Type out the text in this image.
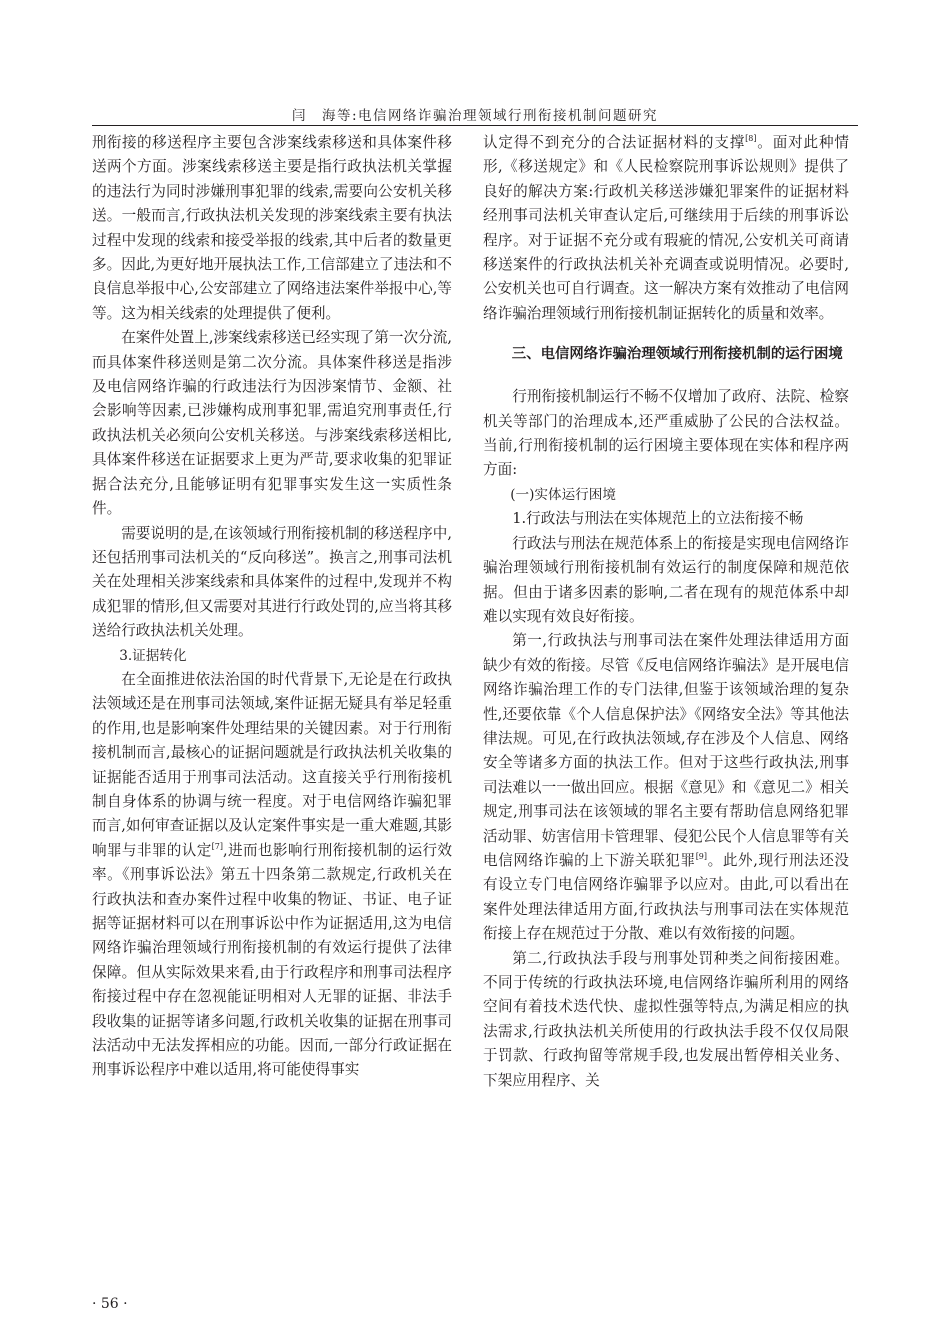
闫　海等:电信网络诈骗治理领域行刑衔接机制问题研究

刑衔接的移送程序主要包含涉案线索移送和具体案件移送两个方面。涉案线索移送主要是指行政执法机关掌握的违法行为同时涉嫌刑事犯罪的线索,需要向公安机关移送。一般而言,行政执法机关发现的涉案线索主要有执法过程中发现的线索和接受举报的线索,其中后者的数量更多。因此,为更好地开展执法工作,工信部建立了违法和不良信息举报中心,公安部建立了网络违法案件举报中心,等等。这为相关线索的处理提供了便利。

在案件处置上,涉案线索移送已经实现了第一次分流,而具体案件移送则是第二次分流。具体案件移送是指涉及电信网络诈骗的行政违法行为因涉案情节、金额、社会影响等因素,已涉嫌构成刑事犯罪,需追究刑事责任,行政执法机关必须向公安机关移送。与涉案线索移送相比,具体案件移送在证据要求上更为严苛,要求收集的犯罪证据合法充分,且能够证明有犯罪事实发生这一实质性条件。

需要说明的是,在该领域行刑衔接机制的移送程序中,还包括刑事司法机关的“反向移送”。换言之,刑事司法机关在处理相关涉案线索和具体案件的过程中,发现并不构成犯罪的情形,但又需要对其进行行政处罚的,应当将其移送给行政执法机关处理。

3.证据转化

在全面推进依法治国的时代背景下,无论是在行政执法领域还是在刑事司法领域,案件证据无疑具有举足轻重的作用,也是影响案件处理结果的关键因素。对于行刑衔接机制而言,最核心的证据问题就是行政执法机关收集的证据能否适用于刑事司法活动。这直接关乎行刑衔接机制自身体系的协调与统一程度。对于电信网络诈骗犯罪而言,如何审查证据以及认定案件事实是一重大难题,其影响罪与非罪的认定[7],进而也影响行刑衔接机制的运行效率。《刑事诉讼法》第五十四条第二款规定,行政机关在行政执法和查办案件过程中收集的物证、书证、电子证据等证据材料可以在刑事诉讼中作为证据适用,这为电信网络诈骗治理领域行刑衔接机制的有效运行提供了法律保障。但从实际效果来看,由于行政程序和刑事司法程序衔接过程中存在忽视能证明相对人无罪的证据、非法手段收集的证据等诸多问题,行政机关收集的证据在刑事司法活动中无法发挥相应的功能。因而,一部分行政证据在刑事诉讼程序中难以适用,将可能使得事实

认定得不到充分的合法证据材料的支撑[8]。面对此种情形,《移送规定》和《人民检察院刑事诉讼规则》提供了良好的解决方案:行政机关移送涉嫌犯罪案件的证据材料经刑事司法机关审查认定后,可继续用于后续的刑事诉讼程序。对于证据不充分或有瑕疵的情况,公安机关可商请移送案件的行政执法机关补充调查或说明情况。必要时,公安机关也可自行调查。这一解决方案有效推动了电信网络诈骗治理领域行刑衔接机制证据转化的质量和效率。

三、电信网络诈骗治理领域行刑衔接机制的运行困境

行刑衔接机制运行不畅不仅增加了政府、法院、检察机关等部门的治理成本,还严重威胁了公民的合法权益。当前,行刑衔接机制的运行困境主要体现在实体和程序两方面:

(一)实体运行困境

1.行政法与刑法在实体规范上的立法衔接不畅

行政法与刑法在规范体系上的衔接是实现电信网络诈骗治理领域行刑衔接机制有效运行的制度保障和规范依据。但由于诸多因素的影响,二者在现有的规范体系中却难以实现有效良好衔接。

第一,行政执法与刑事司法在案件处理法律适用方面缺少有效的衔接。尽管《反电信网络诈骗法》是开展电信网络诈骗治理工作的专门法律,但鉴于该领域治理的复杂性,还要依靠《个人信息保护法》《网络安全法》等其他法律法规。可见,在行政执法领域,存在涉及个人信息、网络安全等诸多方面的执法工作。但对于这些行政执法,刑事司法难以一一做出回应。根据《意见》和《意见二》相关规定,刑事司法在该领域的罪名主要有帮助信息网络犯罪活动罪、妨害信用卡管理罪、侵犯公民个人信息罪等有关电信网络诈骗的上下游关联犯罪[9]。此外,现行刑法还没有设立专门电信网络诈骗罪予以应对。由此,可以看出在案件处理法律适用方面,行政执法与刑事司法在实体规范衔接上存在规范过于分散、难以有效衔接的问题。

第二,行政执法手段与刑事处罚种类之间衔接困难。不同于传统的行政执法环境,电信网络诈骗所利用的网络空间有着技术迭代快、虚拟性强等特点,为满足相应的执法需求,行政执法机关所使用的行政执法手段不仅仅局限于罚款、行政拘留等常规手段,也发展出暂停相关业务、下架应用程序、关

· 56 ·
